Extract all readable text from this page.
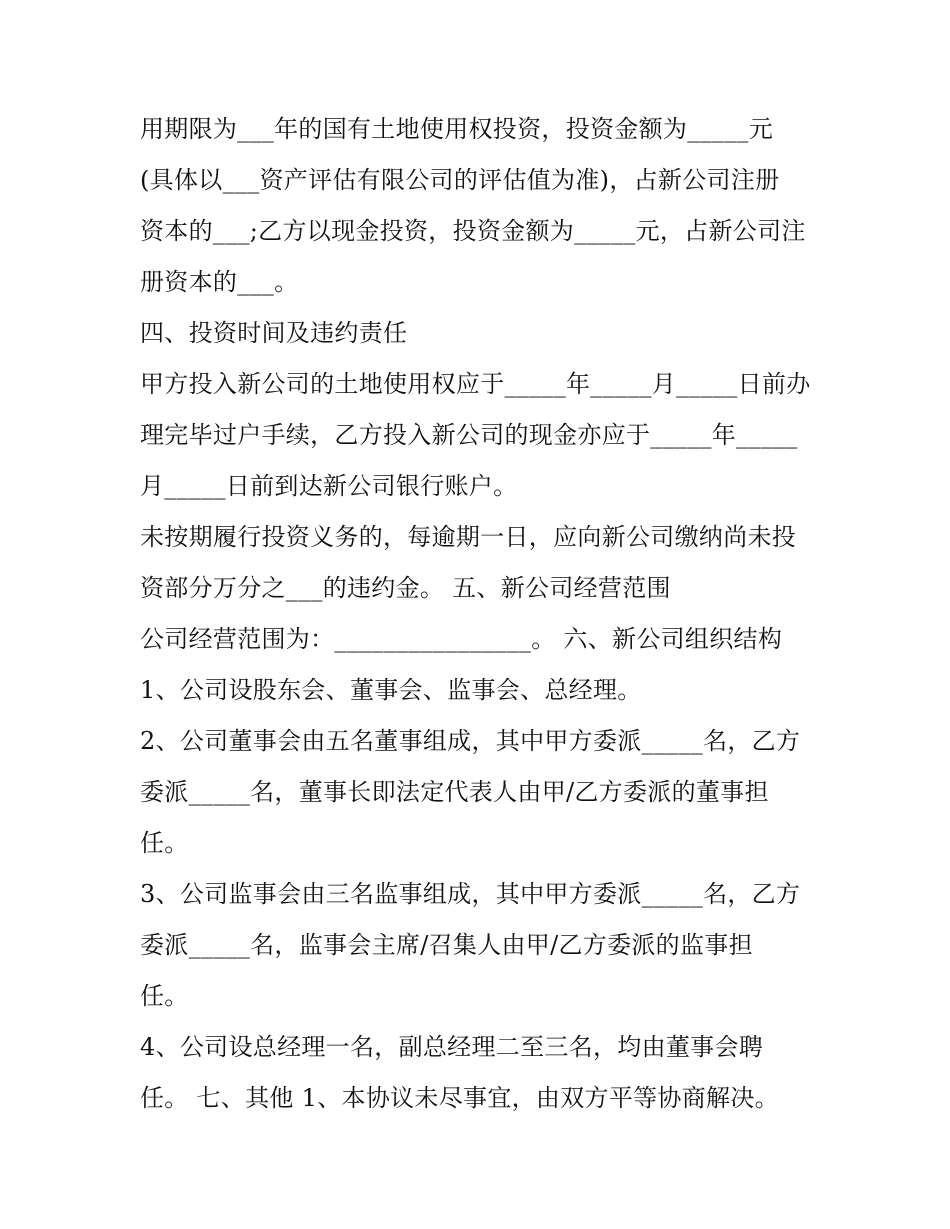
用期限为___年的国有土地使用权投资，投资金额为_____元
(具体以___资产评估有限公司的评估值为准)，占新公司注册
资本的___;乙方以现金投资，投资金额为_____元，占新公司注
册资本的___。
四、投资时间及违约责任
甲方投入新公司的土地使用权应于_____年_____月_____日前办
理完毕过户手续，乙方投入新公司的现金亦应于_____年_____
月_____日前到达新公司银行账户。
未按期履行投资义务的，每逾期一日，应向新公司缴纳尚未投
资部分万分之___的违约金。 五、新公司经营范围
公司经营范围为：________________。 六、新公司组织结构
1、公司设股东会、董事会、监事会、总经理。
2、公司董事会由五名董事组成，其中甲方委派_____名，乙方
委派_____名，董事长即法定代表人由甲/乙方委派的董事担
任。
3、公司监事会由三名监事组成，其中甲方委派_____名，乙方
委派_____名，监事会主席/召集人由甲/乙方委派的监事担
任。
4、公司设总经理一名，副总经理二至三名，均由董事会聘
任。 七、其他 1、本协议未尽事宜，由双方平等协商解决。
